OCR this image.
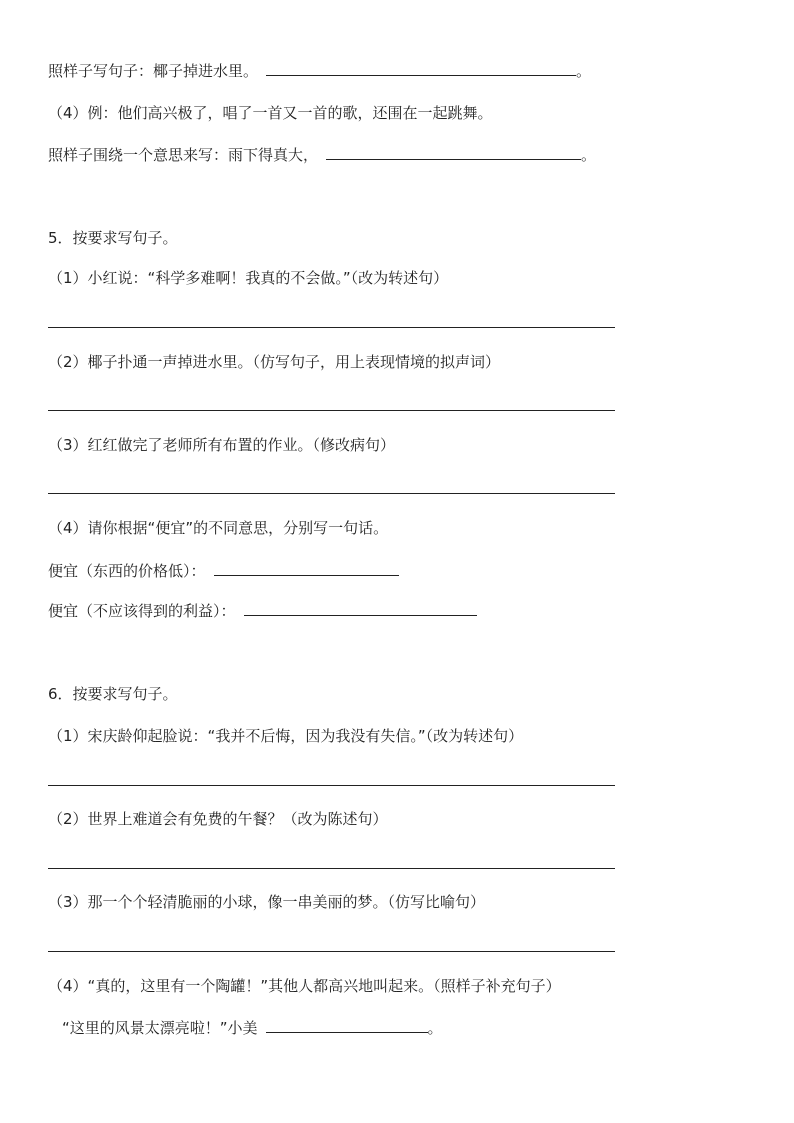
照样子写句子：椰子掉进水里。	。
（4）例：他们高兴极了，唱了一首又一首的歌，还围在一起跳舞。
照样子围绕一个意思来写：雨下得真大，	。
5．按要求写句子。
（1）小红说：“科学多难啊！我真的不会做。”（改为转述句）
（2）椰子扑通一声掉进水里。（仿写句子，用上表现情境的拟声词）
（3）红红做完了老师所有布置的作业。（修改病句）
（4）请你根据“便宜”的不同意思，分别写一句话。
便宜（东西的价格低）：
便宜（不应该得到的利益）：
6．按要求写句子。
（1）宋庆龄仰起脸说：“我并不后悔，因为我没有失信。”（改为转述句）
（2）世界上难道会有免费的午餐？（改为陈述句）
（3）那一个个轻清脆丽的小球，像一串美丽的梦。（仿写比喻句）
（4）“真的，这里有一个陶罐！”其他人都高兴地叫起来。（照样子补充句子）
“这里的风景太漂亮啦！”小美	。
